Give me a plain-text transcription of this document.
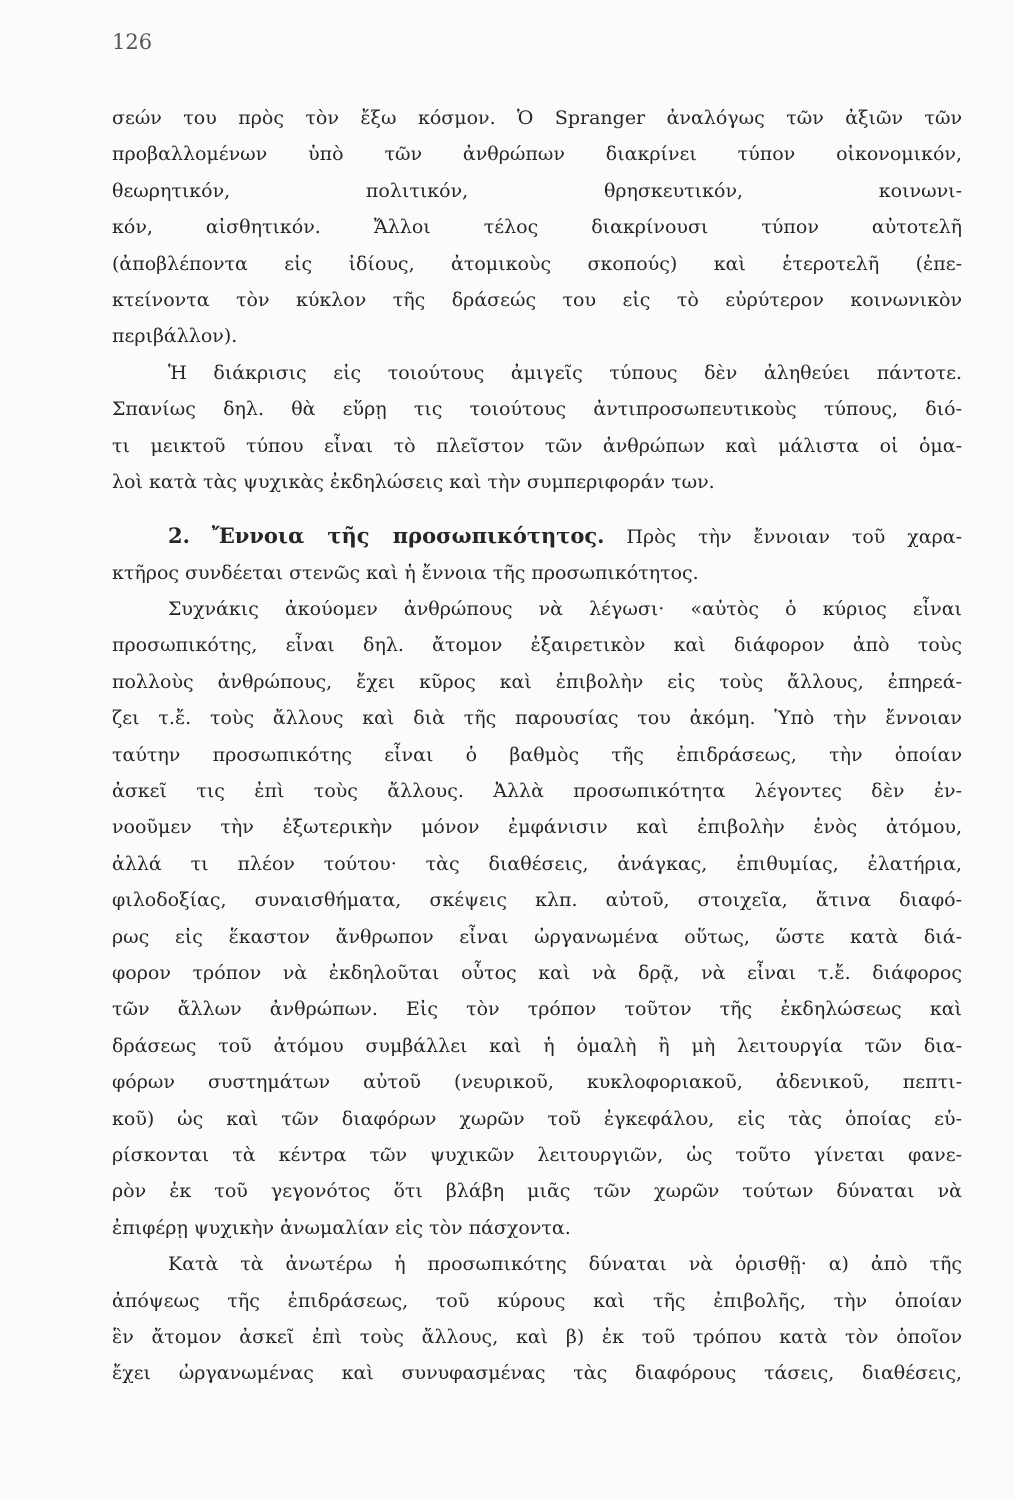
126
σεών του πρὸς τὸν ἔξω κόσμον. Ὁ Spranger ἀναλόγως τῶν ἀξιῶν τῶν
προβαλλομένων ὑπὸ τῶν ἀνθρώπων διακρίνει τύπον οἰκονομικόν,
θεωρητικόν, πολιτικόν, θρησκευτικόν, κοινωνι-
κόν, αἰσθητικόν. Ἄλλοι τέλος διακρίνουσι τύπον αὐτοτελῆ
(ἀποβλέποντα εἰς ἰδίους, ἀτομικοὺς σκοπούς) καὶ ἑτεροτελῆ (ἐπε-
κτείνοντα τὸν κύκλον τῆς δράσεώς του εἰς τὸ εὐρύτερον κοινωνικὸν
περιβάλλον).
Ἡ διάκρισις εἰς τοιούτους ἀμιγεῖς τύπους δὲν ἀληθεύει πάντοτε.
Σπανίως δηλ. θὰ εὕρῃ τις τοιούτους ἀντιπροσωπευτικοὺς τύπους, διό-
τι μεικτοῦ τύπου εἶναι τὸ πλεῖστον τῶν ἀνθρώπων καὶ μάλιστα οἱ ὁμα-
λοὶ κατὰ τὰς ψυχικὰς ἐκδηλώσεις καὶ τὴν συμπεριφοράν των.
2. Ἔννοια τῆς προσωπικότητος. Πρὸς τὴν ἔννοιαν τοῦ χαρα-
κτῆρος συνδέεται στενῶς καὶ ἡ ἔννοια τῆς προσωπικότητος.
Συχνάκις ἀκούομεν ἀνθρώπους νὰ λέγωσι· «αὐτὸς ὁ κύριος εἶναι
προσωπικότης, εἶναι δηλ. ἄτομον ἐξαιρετικὸν καὶ διάφορον ἀπὸ τοὺς
πολλοὺς ἀνθρώπους, ἔχει κῦρος καὶ ἐπιβολὴν εἰς τοὺς ἄλλους, ἐπηρεά-
ζει τ.ἔ. τοὺς ἄλλους καὶ διὰ τῆς παρουσίας του ἀκόμη. Ὑπὸ τὴν ἔννοιαν
ταύτην προσωπικότης εἶναι ὁ βαθμὸς τῆς ἐπιδράσεως, τὴν ὁποίαν
ἀσκεῖ τις ἐπὶ τοὺς ἄλλους. Ἀλλὰ προσωπικότητα λέγοντες δὲν ἐν-
νοοῦμεν τὴν ἐξωτερικὴν μόνον ἐμφάνισιν καὶ ἐπιβολὴν ἑνὸς ἀτόμου,
ἀλλά τι πλέον τούτου· τὰς διαθέσεις, ἀνάγκας, ἐπιθυμίας, ἐλατήρια,
φιλοδοξίας, συναισθήματα, σκέψεις κλπ. αὐτοῦ, στοιχεῖα, ἅτινα διαφό-
ρως εἰς ἕκαστον ἄνθρωπον εἶναι ὠργανωμένα οὕτως, ὥστε κατὰ διά-
φορον τρόπον νὰ ἐκδηλοῦται οὗτος καὶ νὰ δρᾷ, νὰ εἶναι τ.ἔ. διάφορος
τῶν ἄλλων ἀνθρώπων. Εἰς τὸν τρόπον τοῦτον τῆς ἐκδηλώσεως καὶ
δράσεως τοῦ ἀτόμου συμβάλλει καὶ ἡ ὁμαλὴ ἢ μὴ λειτουργία τῶν δια-
φόρων συστημάτων αὐτοῦ (νευρικοῦ, κυκλοφοριακοῦ, ἀδενικοῦ, πεπτι-
κοῦ) ὡς καὶ τῶν διαφόρων χωρῶν τοῦ ἐγκεφάλου, εἰς τὰς ὁποίας εὑ-
ρίσκονται τὰ κέντρα τῶν ψυχικῶν λειτουργιῶν, ὡς τοῦτο γίνεται φανε-
ρὸν ἐκ τοῦ γεγονότος ὅτι βλάβη μιᾶς τῶν χωρῶν τούτων δύναται νὰ
ἐπιφέρῃ ψυχικὴν ἀνωμαλίαν εἰς τὸν πάσχοντα.
Κατὰ τὰ ἀνωτέρω ἡ προσωπικότης δύναται νὰ ὁρισθῇ· α) ἀπὸ τῆς
ἀπόψεως τῆς ἐπιδράσεως, τοῦ κύρους καὶ τῆς ἐπιβολῆς, τὴν ὁποίαν
ἓν ἄτομον ἀσκεῖ ἐπὶ τοὺς ἄλλους, καὶ β) ἐκ τοῦ τρόπου κατὰ τὸν ὁποῖον
ἔχει ὠργανωμένας καὶ συνυφασμένας τὰς διαφόρους τάσεις, διαθέσεις,
